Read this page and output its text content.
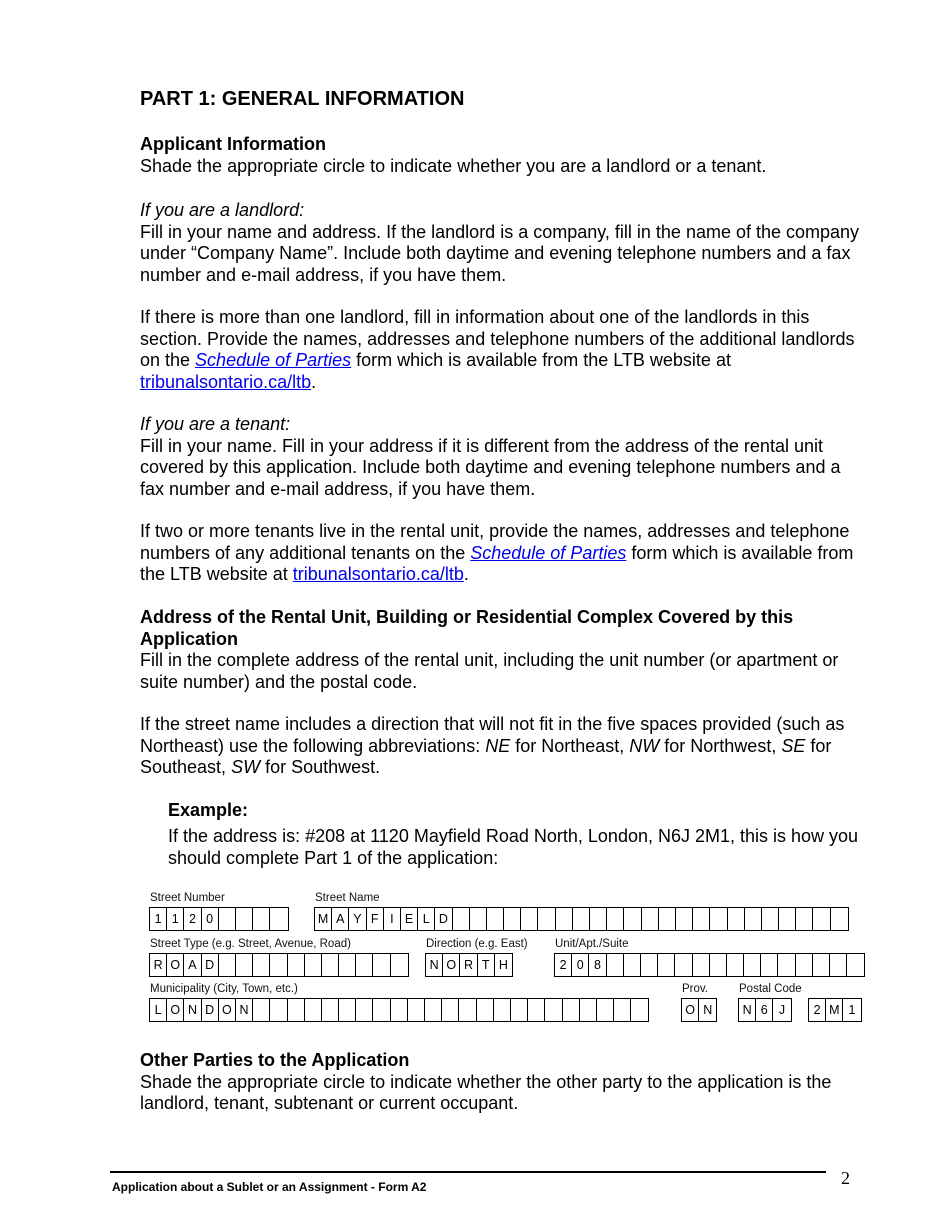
PART 1: GENERAL INFORMATION

Applicant Information
Shade the appropriate circle to indicate whether you are a landlord or a tenant.

If you are a landlord:
Fill in your name and address. If the landlord is a company, fill in the name of the company under “Company Name”. Include both daytime and evening telephone numbers and a fax number and e-mail address, if you have them.

If there is more than one landlord, fill in information about one of the landlords in this section. Provide the names, addresses and telephone numbers of the additional landlords on the Schedule of Parties form which is available from the LTB website at tribunalsontario.ca/ltb.

If you are a tenant:
Fill in your name. Fill in your address if it is different from the address of the rental unit covered by this application. Include both daytime and evening telephone numbers and a fax number and e-mail address, if you have them.

If two or more tenants live in the rental unit, provide the names, addresses and telephone numbers of any additional tenants on the Schedule of Parties form which is available from the LTB website at tribunalsontario.ca/ltb.

Address of the Rental Unit, Building or Residential Complex Covered by this Application
Fill in the complete address of the rental unit, including the unit number (or apartment or suite number) and the postal code.

If the street name includes a direction that will not fit in the five spaces provided (such as Northeast) use the following abbreviations: NE for Northeast, NW for Northwest, SE for Southeast, SW for Southwest.

Example:

If the address is: #208 at 1120 Mayfield Road North, London, N6J 2M1, this is how you should complete Part 1 of the application:

Street Number
1 1 2 0
Street Name
M A Y F I E L D
Street Type (e.g. Street, Avenue, Road)
R O A D
Direction (e.g. East)
N O R T H
Unit/Apt./Suite
2 0 8
Municipality (City, Town, etc.)
L O N D O N
Prov.
O N
Postal Code
N 6 J	2 M 1

Other Parties to the Application
Shade the appropriate circle to indicate whether the other party to the application is the landlord, tenant, subtenant or current occupant.

Application about a Sublet or an Assignment - Form A2	2
